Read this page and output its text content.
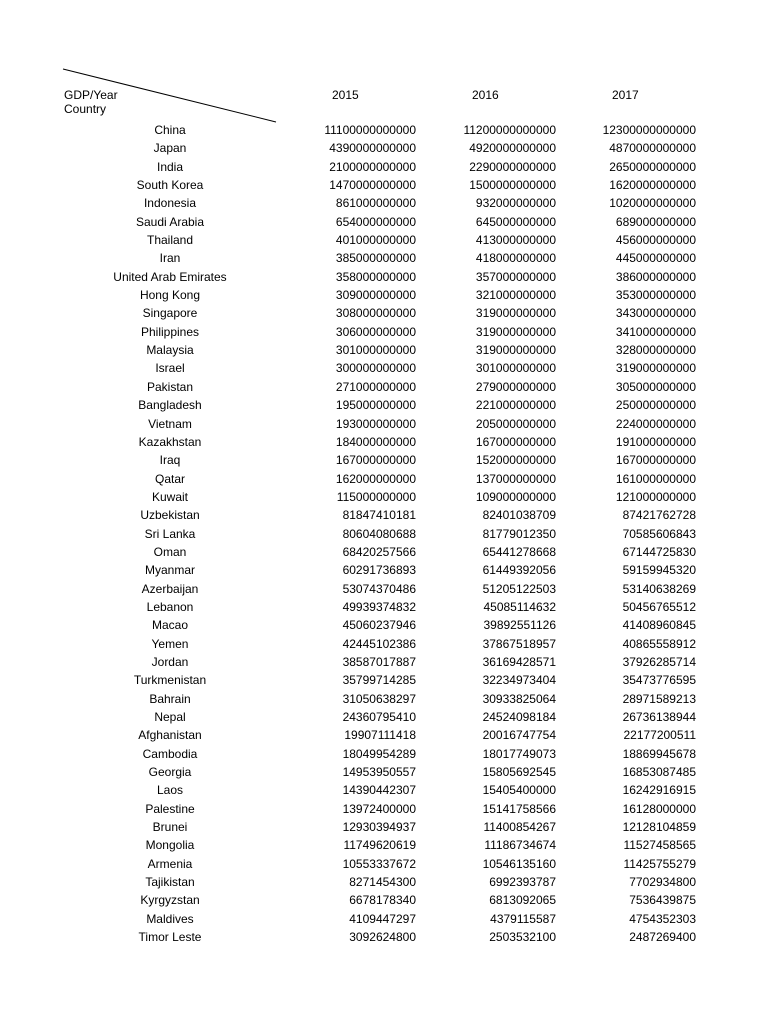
GDP/Year
Country
2015	2016	2017
China	11100000000000	11200000000000	12300000000000
Japan	4390000000000	4920000000000	4870000000000
India	2100000000000	2290000000000	2650000000000
South Korea	1470000000000	1500000000000	1620000000000
Indonesia	861000000000	932000000000	1020000000000
Saudi Arabia	654000000000	645000000000	689000000000
Thailand	401000000000	413000000000	456000000000
Iran	385000000000	418000000000	445000000000
United Arab Emirates	358000000000	357000000000	386000000000
Hong Kong	309000000000	321000000000	353000000000
Singapore	308000000000	319000000000	343000000000
Philippines	306000000000	319000000000	341000000000
Malaysia	301000000000	319000000000	328000000000
Israel	300000000000	301000000000	319000000000
Pakistan	271000000000	279000000000	305000000000
Bangladesh	195000000000	221000000000	250000000000
Vietnam	193000000000	205000000000	224000000000
Kazakhstan	184000000000	167000000000	191000000000
Iraq	167000000000	152000000000	167000000000
Qatar	162000000000	137000000000	161000000000
Kuwait	115000000000	109000000000	121000000000
Uzbekistan	81847410181	82401038709	87421762728
Sri Lanka	80604080688	81779012350	70585606843
Oman	68420257566	65441278668	67144725830
Myanmar	60291736893	61449392056	59159945320
Azerbaijan	53074370486	51205122503	53140638269
Lebanon	49939374832	45085114632	50456765512
Macao	45060237946	39892551126	41408960845
Yemen	42445102386	37867518957	40865558912
Jordan	38587017887	36169428571	37926285714
Turkmenistan	35799714285	32234973404	35473776595
Bahrain	31050638297	30933825064	28971589213
Nepal	24360795410	24524098184	26736138944
Afghanistan	19907111418	20016747754	22177200511
Cambodia	18049954289	18017749073	18869945678
Georgia	14953950557	15805692545	16853087485
Laos	14390442307	15405400000	16242916915
Palestine	13972400000	15141758566	16128000000
Brunei	12930394937	11400854267	12128104859
Mongolia	11749620619	11186734674	11527458565
Armenia	10553337672	10546135160	11425755279
Tajikistan	8271454300	6992393787	7702934800
Kyrgyzstan	6678178340	6813092065	7536439875
Maldives	4109447297	4379115587	4754352303
Timor Leste	3092624800	2503532100	2487269400
